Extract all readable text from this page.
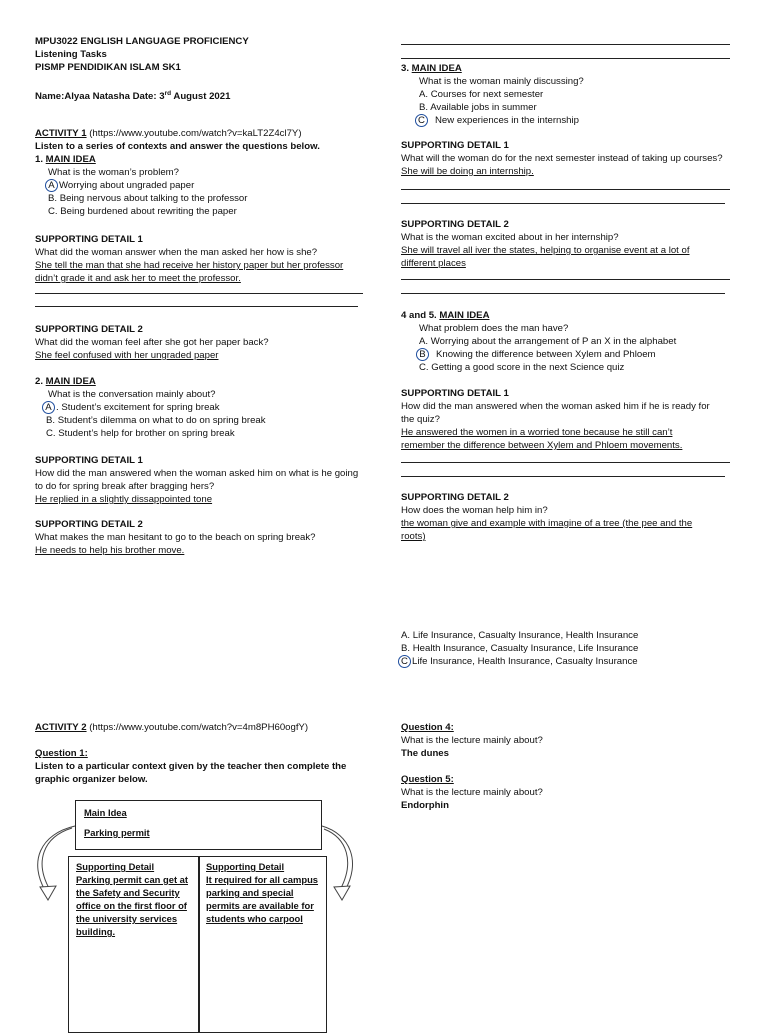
MPU3022 ENGLISH LANGUAGE PROFICIENCY
Listening Tasks
PISMP PENDIDIKAN ISLAM SK1
Name:Alyaa Natasha Date: 3rd August 2021
ACTIVITY 1 (https://www.youtube.com/watch?v=kaLT2Z4cl7Y)
Listen to a series of contexts and answer the questions below.
1. MAIN IDEA
What is the woman’s problem?
A Worrying about ungraded paper
B. Being nervous about talking to the professor
C. Being burdened about rewriting the paper
SUPPORTING DETAIL 1
What did the woman answer when the man asked her how is she?
She tell the man that she had receive her history paper but her professor
didn’t grade it and ask her to meet the professor.
SUPPORTING DETAIL 2
What did the woman feel after she got her paper back?
She feel confused with her ungraded paper
2. MAIN IDEA
What is the conversation mainly about?
A . Student’s excitement for spring break
B. Student’s dilemma on what to do on spring break
C. Student’s help for brother on spring break
SUPPORTING DETAIL 1
How did the man answered when the woman asked him on what is he going
to do for spring break after bragging hers?
He replied in a slightly dissappointed tone
SUPPORTING DETAIL 2
What makes the man hesitant to go to the beach on spring break?
He needs to help his brother move.
ACTIVITY 2 (https://www.youtube.com/watch?v=4m8PH60ogfY)
Question 1:
Listen to a particular context given by the teacher then complete the
graphic organizer below.
Main Idea
Parking permit
Supporting Detail
Parking permit can get at
the Safety and Security
office on the first floor of
the university services
building.
Supporting Detail
It required for all campus
parking and special
permits are available for
students who carpool
3. MAIN IDEA
What is the woman mainly discussing?
A. Courses for next semester
B. Available jobs in summer
C New experiences in the internship
SUPPORTING DETAIL 1
What will the woman do for the next semester instead of taking up courses?
She will be doing an internship.
SUPPORTING DETAIL 2
What is the woman excited about in her internship?
She will travel all iver the states, helping to organise event at a lot of
different places
4 and 5. MAIN IDEA
What problem does the man have?
A. Worrying about the arrangement of P an X in the alphabet
B Knowing the difference between Xylem and Phloem
C. Getting a good score in the next Science quiz
SUPPORTING DETAIL 1
How did the man answered when the woman asked him if he is ready for
the quiz?
He answered the women in a worried tone because he still can’t
remember the difference between Xylem and Phloem movements.
SUPPORTING DETAIL 2
How does the woman help him in?
the woman give and example with imagine of a tree (the pee and the
roots)
A. Life Insurance, Casualty Insurance, Health Insurance
B. Health Insurance, Casualty Insurance, Life Insurance
C Life Insurance, Health Insurance, Casualty Insurance
Question 4:
What is the lecture mainly about?
The dunes
Question 5:
What is the lecture mainly about?
Endorphin
